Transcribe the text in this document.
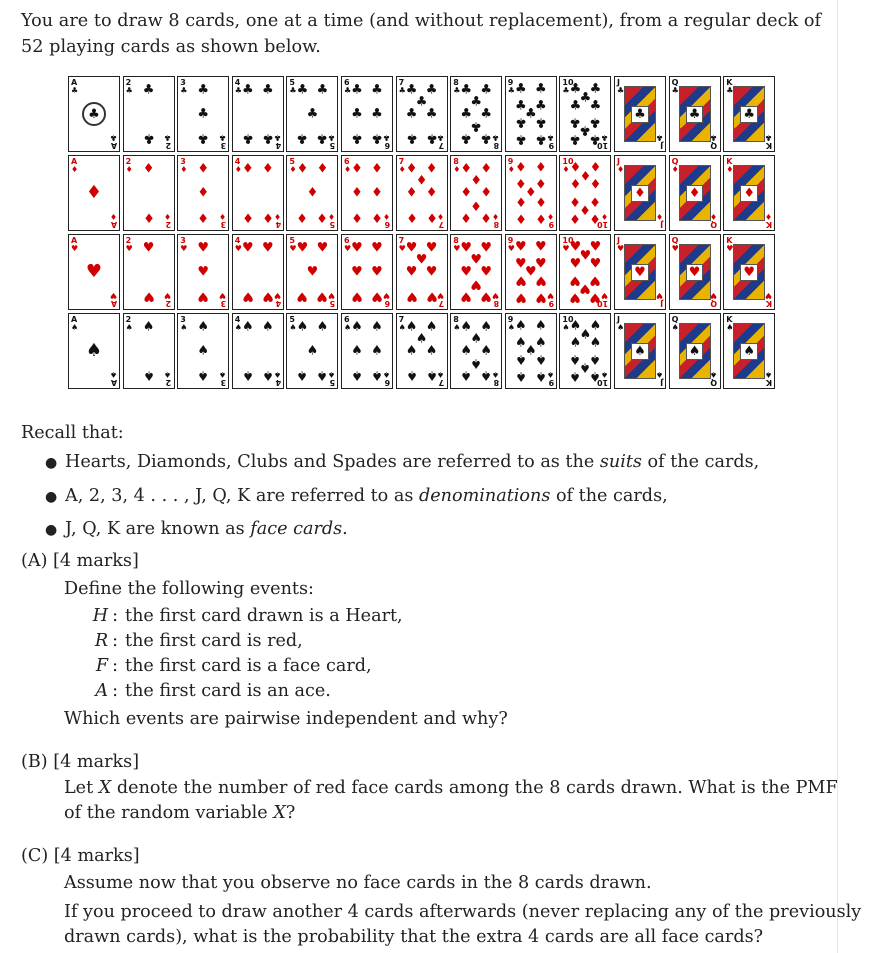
You are to draw 8 cards, one at a time (and without replacement), from a regular deck of 52 playing cards as shown below.
A
♣
A
♣
♣
2
♣
2
♣
♣
♣
3
♣
3
♣
♣
♣
♣
4
♣
4
♣
♣ ♣
♣ ♣
5
♣
5
♣
♣ ♣
♣
♣ ♣
6
♣
6
♣
♣ ♣
♣ ♣
♣ ♣
7
♣
7
♣
♣ ♣
♣
♣ ♣
♣ ♣
8
♣
8
♣
♣ ♣
♣
♣ ♣
♣
♣ ♣
9
♣
9
♣
♣ ♣
♣ ♣
♣
♣ ♣
♣ ♣
10
♣
10
♣
♣ ♣
♣
♣ ♣
♣ ♣
♣
♣ ♣
J
♣
J
♣
♣
Q
♣
Q
♣
♣
K
♣
K
♣
♣
A
♦
A
♦
♦
2
♦
2
♦
♦
♦
3
♦
3
♦
♦
♦
♦
4
♦
4
♦
♦ ♦
♦ ♦
5
♦
5
♦
♦ ♦
♦
♦ ♦
6
♦
6
♦
♦ ♦
♦ ♦
♦ ♦
7
♦
7
♦
♦ ♦
♦
♦ ♦
♦ ♦
8
♦
8
♦
♦ ♦
♦
♦ ♦
♦
♦ ♦
9
♦
9
♦
♦ ♦
♦ ♦
♦
♦ ♦
♦ ♦
10
♦
10
♦
♦ ♦
♦
♦ ♦
♦ ♦
♦
♦ ♦
J
♦
J
♦
♦
Q
♦
Q
♦
♦
K
♦
K
♦
♦
A
♥
A
♥
♥
2
♥
2
♥
♥
♥
3
♥
3
♥
♥
♥
♥
4
♥
4
♥
♥ ♥
♥ ♥
5
♥
5
♥
♥ ♥
♥
♥ ♥
6
♥
6
♥
♥ ♥
♥ ♥
♥ ♥
7
♥
7
♥
♥ ♥
♥
♥ ♥
♥ ♥
8
♥
8
♥
♥ ♥
♥
♥ ♥
♥
♥ ♥
9
♥
9
♥
♥ ♥
♥ ♥
♥
♥ ♥
♥ ♥
10
♥
10
♥
♥ ♥
♥
♥ ♥
♥ ♥
♥
♥ ♥
J
♥
J
♥
♥
Q
♥
Q
♥
♥
K
♥
K
♥
♥
A
♠
A
♠
♠
2
♠
2
♠
♠
♠
3
♠
3
♠
♠
♠
♠
4
♠
4
♠
♠ ♠
♠ ♠
5
♠
5
♠
♠ ♠
♠
♠ ♠
6
♠
6
♠
♠ ♠
♠ ♠
♠ ♠
7
♠
7
♠
♠ ♠
♠
♠ ♠
♠ ♠
8
♠
8
♠
♠ ♠
♠
♠ ♠
♠
♠ ♠
9
♠
9
♠
♠ ♠
♠ ♠
♠
♠ ♠
♠ ♠
10
♠
10
♠
♠ ♠
♠
♠ ♠
♠ ♠
♠
♠ ♠
J
♠
J
♠
♠
Q
♠
Q
♠
♠
K
♠
K
♠
♠
Recall that:
● Hearts, Diamonds, Clubs and Spades are referred to as the suits of the cards,
● A, 2, 3, 4 . . . , J, Q, K are referred to as denominations of the cards,
● J, Q, K are known as face cards.
(A) [4 marks]
Define the following events:
H : the first card drawn is a Heart,
R : the first card is red,
F : the first card is a face card,
A : the first card is an ace.
Which events are pairwise independent and why?
(B) [4 marks]
Let X denote the number of red face cards among the 8 cards drawn. What is the PMF
of the random variable X?
(C) [4 marks]
Assume now that you observe no face cards in the 8 cards drawn.
If you proceed to draw another 4 cards afterwards (never replacing any of the previously
drawn cards), what is the probability that the extra 4 cards are all face cards?
